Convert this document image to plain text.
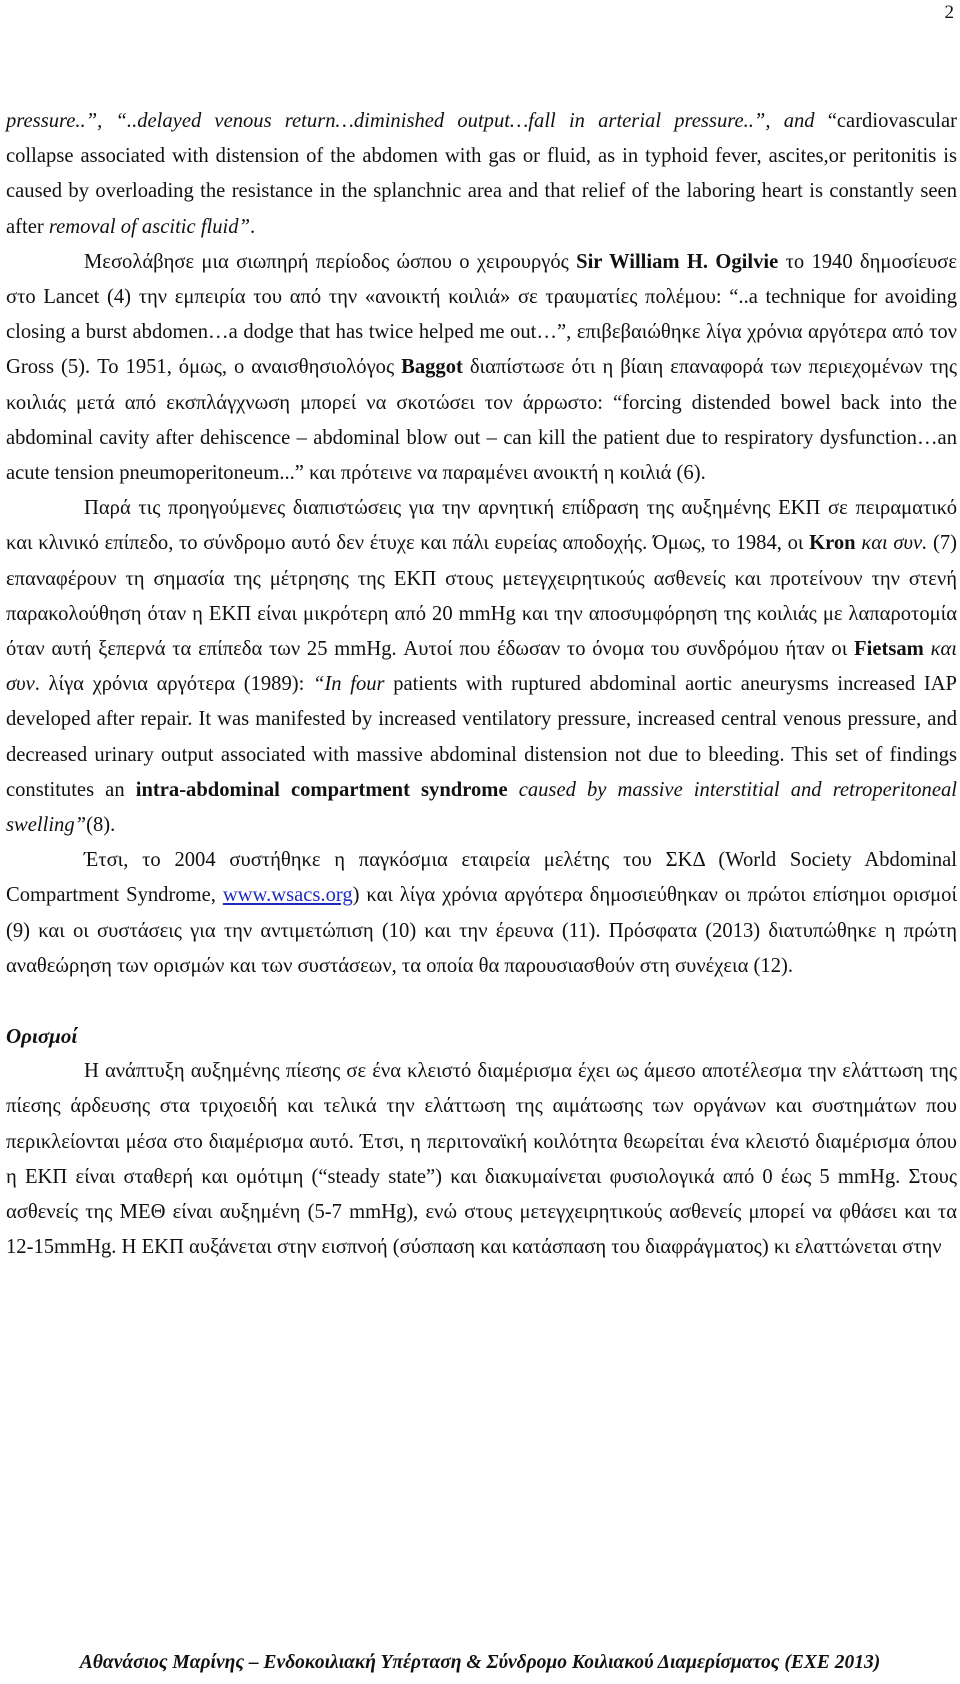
2

pressure..”, “..delayed venous return…diminished output…fall in arterial pressure..”, and “cardiovascular collapse associated with distension of the abdomen with gas or fluid, as in typhoid fever, ascites,or peritonitis is caused by overloading the resistance in the splanchnic area and that relief of the laboring heart is constantly seen after removal of ascitic fluid”.

Μεσολάβησε μια σιωπηρή περίοδος ώσπου ο χειρουργός Sir William H. Ogilvie το 1940 δημοσίευσε στο Lancet (4) την εμπειρία του από την «ανοικτή κοιλιά» σε τραυματίες πολέμου: “..a technique for avoiding closing a burst abdomen…a dodge that has twice helped me out…”, επιβεβαιώθηκε λίγα χρόνια αργότερα από τον Gross (5). Το 1951, όμως, ο αναισθησιολόγος Baggot διαπίστωσε ότι η βίαιη επαναφορά των περιεχομένων της κοιλιάς μετά από εκσπλάγχνωση μπορεί να σκοτώσει τον άρρωστο: “forcing distended bowel back into the abdominal cavity after dehiscence – abdominal blow out – can kill the patient due to respiratory dysfunction…an acute tension pneumoperitoneum...” και πρότεινε να παραμένει ανοικτή η κοιλιά (6).

Παρά τις προηγούμενες διαπιστώσεις για την αρνητική επίδραση της αυξημένης ΕΚΠ σε πειραματικό και κλινικό επίπεδο, το σύνδρομο αυτό δεν έτυχε και πάλι ευρείας αποδοχής. Όμως, το 1984, οι Kron και συν. (7) επαναφέρουν τη σημασία της μέτρησης της ΕΚΠ στους μετεγχειρητικούς ασθενείς και προτείνουν την στενή παρακολούθηση όταν η ΕΚΠ είναι μικρότερη από 20 mmHg και την αποσυμφόρηση της κοιλιάς με λαπαροτομία όταν αυτή ξεπερνά τα επίπεδα των 25 mmHg. Αυτοί που έδωσαν το όνομα του συνδρόμου ήταν οι Fietsam και συν. λίγα χρόνια αργότερα (1989): “In four patients with ruptured abdominal aortic aneurysms increased IAP developed after repair. It was manifested by increased ventilatory pressure, increased central venous pressure, and decreased urinary output associated with massive abdominal distension not due to bleeding. This set of findings constitutes an intra-abdominal compartment syndrome caused by massive interstitial and retroperitoneal swelling”(8).

Έτσι, το 2004 συστήθηκε η παγκόσμια εταιρεία μελέτης του ΣΚΔ (World Society Abdominal Compartment Syndrome, www.wsacs.org) και λίγα χρόνια αργότερα δημοσιεύθηκαν οι πρώτοι επίσημοι ορισμοί (9) και οι συστάσεις για την αντιμετώπιση (10) και την έρευνα (11). Πρόσφατα (2013) διατυπώθηκε η πρώτη αναθεώρηση των ορισμών και των συστάσεων, τα οποία θα παρουσιασθούν στη συνέχεια (12).

Ορισμοί

Η ανάπτυξη αυξημένης πίεσης σε ένα κλειστό διαμέρισμα έχει ως άμεσο αποτέλεσμα την ελάττωση της πίεσης άρδευσης στα τριχοειδή και τελικά την ελάττωση της αιμάτωσης των οργάνων και συστημάτων που περικλείονται μέσα στο διαμέρισμα αυτό. Έτσι, η περιτοναϊκή κοιλότητα θεωρείται ένα κλειστό διαμέρισμα όπου η ΕΚΠ είναι σταθερή και ομότιμη (“steady state”) και διακυμαίνεται φυσιολογικά από 0 έως 5 mmHg. Στους ασθενείς της ΜΕΘ είναι αυξημένη (5-7 mmHg), ενώ στους μετεγχειρητικούς ασθενείς μπορεί να φθάσει και τα 12-15mmHg. Η ΕΚΠ αυξάνεται στην εισπνοή (σύσπαση και κατάσπαση του διαφράγματος) κι ελαττώνεται στην

Αθανάσιος Μαρίνης – Ενδοκοιλιακή Υπέρταση & Σύνδρομο Κοιλιακού Διαμερίσματος (ΕΧΕ 2013)
